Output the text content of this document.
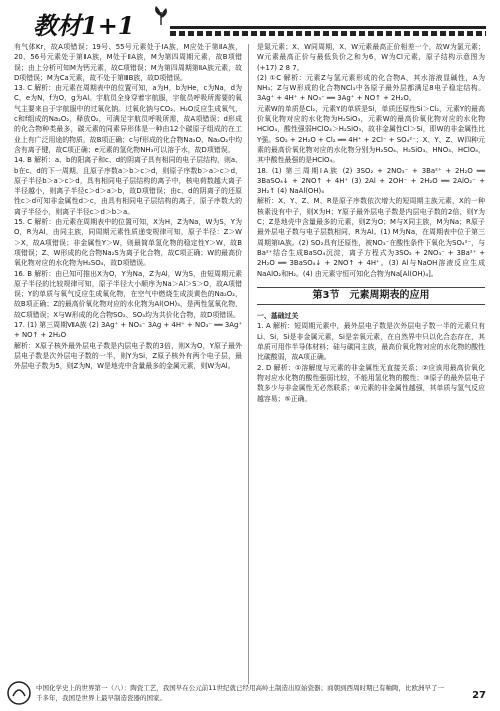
教材1+1

有气体Kr，故A项错误；19号、55号元素处于ⅠA族，M应处于第ⅡA族，20、56号元素处于第ⅡA族，M处于ⅡA族，M为第四周期元素，故B项错误；由上分析可知M为钙元素，故C项错误；M为第四周期第ⅡA族元素，故D项错误；M为Ca元素，故不处于第ⅢB族，故D项错误。

13. C 解析：由元素在周期表中的位置可知，a为H，b为He，c为Na，d为C，e为N，f为O，g为Al。宇航员全身穿着宇航服，宇航员呼吸所需要的氧气主要来自于宇航服中的过氧化钠。过氧化钠与CO₂、H₂O反应生成氧气，c和f组成的Na₂O₂，释放O₂，可满足宇航员呼吸所需，故A项错误；d形成的化合物种类最多，碳元素的同素异形体是一种由12个碳原子组成的在工业上有广泛用途的物质，故B项正确；c与f形成的化合物Na₂O、Na₂O₂中均含有离子键，故C项正确；e元素的氢化物NH₃可以溶于水，故D项错误。

14. B 解析：a、b的阳离子和c、d的阴离子具有相同的电子层结构，则a、b在c、d的下一周期，且原子序数a＞b＞c＞d，则原子序数b＞a＞c＞d，原子半径b＞a＞c＞d，具有相同电子层结构的离子中，核电荷数越大离子半径越小，则离子半径c＞d＞a＞b，故D项错误；由c、d的阴离子的还原性c＞d可知非金属性d＞c，由具有相同电子层结构的离子，原子序数大的离子半径小，则离子半径c＞d＞b＞a。

15. C 解析：由元素在周期表中的位置可知，X为H，Z为Na，W为S，Y为O，R为Al，由同主族，同周期元素性质递变规律可知，原子半径：Z＞W＞X，故A项错误；非金属性Y＞W，则最简单氢化物的稳定性Y＞W，故B项错误；Z、W形成的化合物Na₂S为离子化合物，故C项正确；W的最高价氧化物对应的水化物为H₂SO₄，故D项错误。

16. B 解析：由已知可推出X为O，Y为Na，Z为Al，W为S，由短周期元素原子半径的比较规律可知，原子半径大小顺序为Na＞Al＞S＞O，故A项错误；Y的单质与氧气反应生成氧化物，在空气中燃烧生成淡黄色的Na₂O₂，故B项正确；Z的最高价氧化物对应的水化物为Al(OH)₃，是两性氢氧化物，故C项错误；X与W形成的化合物SO₂、SO₃均为共价化合物，故D项错误。

17. (1) 第三周期ⅦA族 (2) 3Ag⁺ + NO₃⁻ 3Ag + 4H⁺ + NO₃⁻ ══ 3Ag⁺ + NO↑ + 2H₂O

解析：X原子核外最外层电子数是内层电子数的3倍，则X为O，Y原子最外层电子数是次外层电子数的一半，则Y为Si，Z原子核外有两个电子层，最外层电子数为5，则Z为N，W是地壳中含量最多的金属元素，则W为Al。

是氮元素；X、W同周期，X、W元素最高正价相差一个，故W为氯元素；W元素最高正价与最低负价之和为6，W为Cl元素，原子结构示意图为 (+17) 2 8 7。

(2) ①C 解析：元素Z与氢元素形成的化合物A，其水溶液显碱性，A为NH₃；Z与W形成的化合物NCl₃中各原子最外层都满足8电子稳定结构。3Ag⁺ + 4H⁺ + NO₃⁻ ══ 3Ag⁺ + NO↑ + 2H₂O。

元素W的单质是Cl₂，元素Y的单质是Si，单质还原性Si＞Cl₂，元素Y的最高价氧化物对应的水化物为H₂SiO₃，元素W的最高价氧化物对应的水化物HClO₄，酸性强弱HClO₄＞H₂SiO₃，故非金属性Cl＞Si，即W的非金属性比Y强。SO₂ + 2H₂O + Cl₂ ══ 4H⁺ + 2Cl⁻ + SO₄²⁻；X、Y、Z、W四种元素的最高价氧化物对应的水化物分别为H₂SO₄、H₂SiO₃、HNO₃、HClO₄，其中酸性最强的是HClO₄。

18. (1) 第三周期ⅠA族 (2) 3SO₂ + 2NO₃⁻ + 3Ba²⁺ + 2H₂O ══ 3BaSO₄↓ + 2NO↑ + 4H⁺ (3) 2Al + 2OH⁻ + 2H₂O ══ 2AlO₂⁻ + 3H₂↑ (4) NaAl(OH)₄

解析：X、Y、Z、M、R是原子序数依次增大的短周期主族元素，X的一种核素没有中子，则X为H；Y原子最外层电子数是内层电子数的2倍，则Y为C；Z是地壳中含量最多的元素，则Z为O；M与X同主族，M为Na；R原子最外层电子数与电子层数相同，R为Al。(1) M为Na，在周期表中位于第三周期第ⅠA族。(2) SO₂具有还原性，被NO₃⁻在酸性条件下氧化为SO₄²⁻，与Ba²⁺结合生成BaSO₄沉淀，离子方程式为3SO₂ + 2NO₃⁻ + 3Ba²⁺ + 2H₂O ══ 3BaSO₄↓ + 2NO↑ + 4H⁺。(3) Al与NaOH溶液反应生成NaAlO₂和H₂。(4) 由元素守恒可知化合物为Na[Al(OH)₄]。

第3节　元素周期表的应用

一、基础过关

1. A 解析：短周期元素中，最外层电子数是次外层电子数一半的元素只有Li、Si，Si是非金属元素，Si是亲氧元素，在自然界中只以化合态存在，其单质可用作半导体材料；硅与碳同主族，最高价氧化物对应的水化物的酸性比碳酸弱，故A项正确。

2. D 解析：①溶解度与元素的非金属性无直接关系；②应该用最高价氧化物对应水化物的酸性强弱比较，不能用氢化物的酸性；③原子的最外层电子数多少与非金属性无必然联系；④元素的非金属性越强，其单质与氢气反应越容易；⑤正确。

中国化学史上的世界第一（八）：陶瓷工艺，我国早在公元前11世纪就已经用高岭土制造出原始瓷器；商朝到西周时期已有釉陶，比欧洲早了一千多年，我国是世界上最早制造瓷器的国家。	27
